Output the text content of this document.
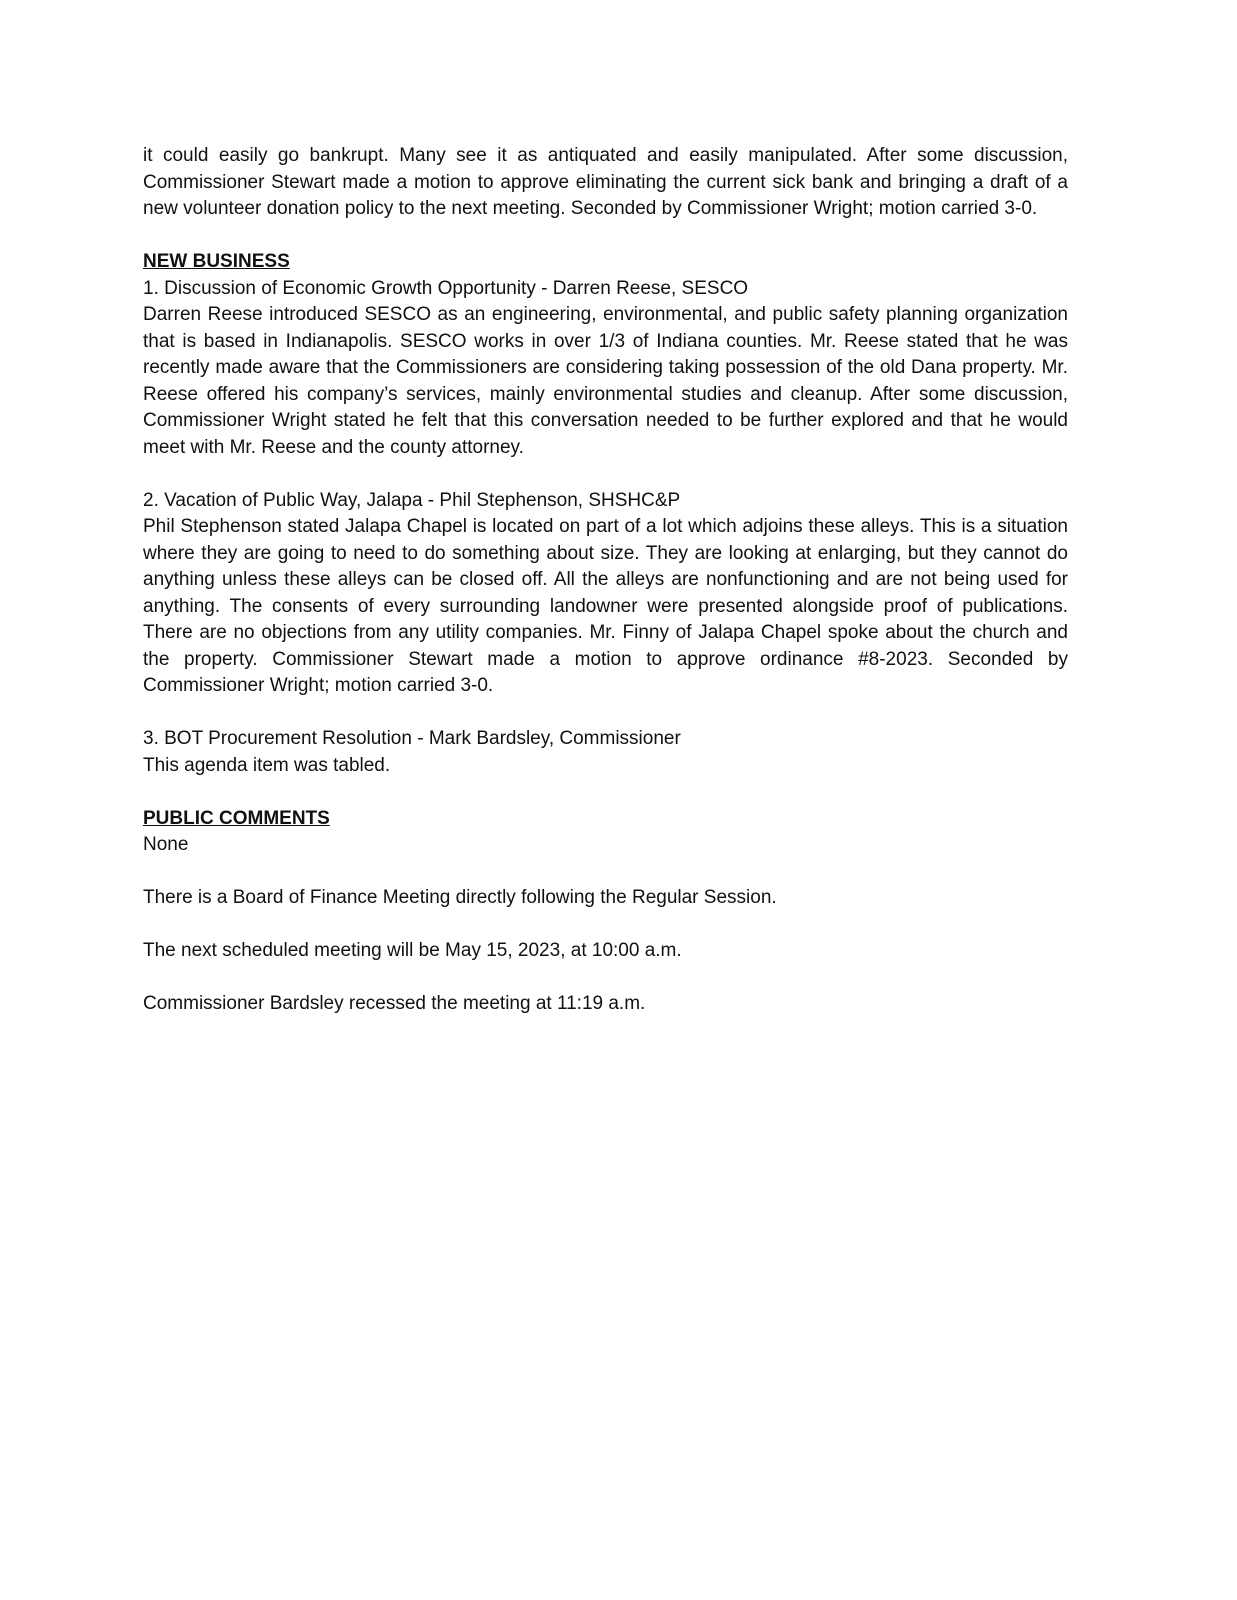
it could easily go bankrupt. Many see it as antiquated and easily manipulated. After some discussion, Commissioner Stewart made a motion to approve eliminating the current sick bank and bringing a draft of a new volunteer donation policy to the next meeting. Seconded by Commissioner Wright; motion carried 3-0.

NEW BUSINESS

1. Discussion of Economic Growth Opportunity - Darren Reese, SESCO

Darren Reese introduced SESCO as an engineering, environmental, and public safety planning organization that is based in Indianapolis. SESCO works in over 1/3 of Indiana counties. Mr. Reese stated that he was recently made aware that the Commissioners are considering taking possession of the old Dana property. Mr. Reese offered his company’s services, mainly environmental studies and cleanup. After some discussion, Commissioner Wright stated he felt that this conversation needed to be further explored and that he would meet with Mr. Reese and the county attorney.

2. Vacation of Public Way, Jalapa - Phil Stephenson, SHSHC&P

Phil Stephenson stated Jalapa Chapel is located on part of a lot which adjoins these alleys. This is a situation where they are going to need to do something about size. They are looking at enlarging, but they cannot do anything unless these alleys can be closed off. All the alleys are nonfunctioning and are not being used for anything. The consents of every surrounding landowner were presented alongside proof of publications. There are no objections from any utility companies. Mr. Finny of Jalapa Chapel spoke about the church and the property. Commissioner Stewart made a motion to approve ordinance #8-2023. Seconded by Commissioner Wright; motion carried 3-0.

3. BOT Procurement Resolution - Mark Bardsley, Commissioner

This agenda item was tabled.

PUBLIC COMMENTS

None

There is a Board of Finance Meeting directly following the Regular Session.

The next scheduled meeting will be May 15, 2023, at 10:00 a.m.

Commissioner Bardsley recessed the meeting at 11:19 a.m.
